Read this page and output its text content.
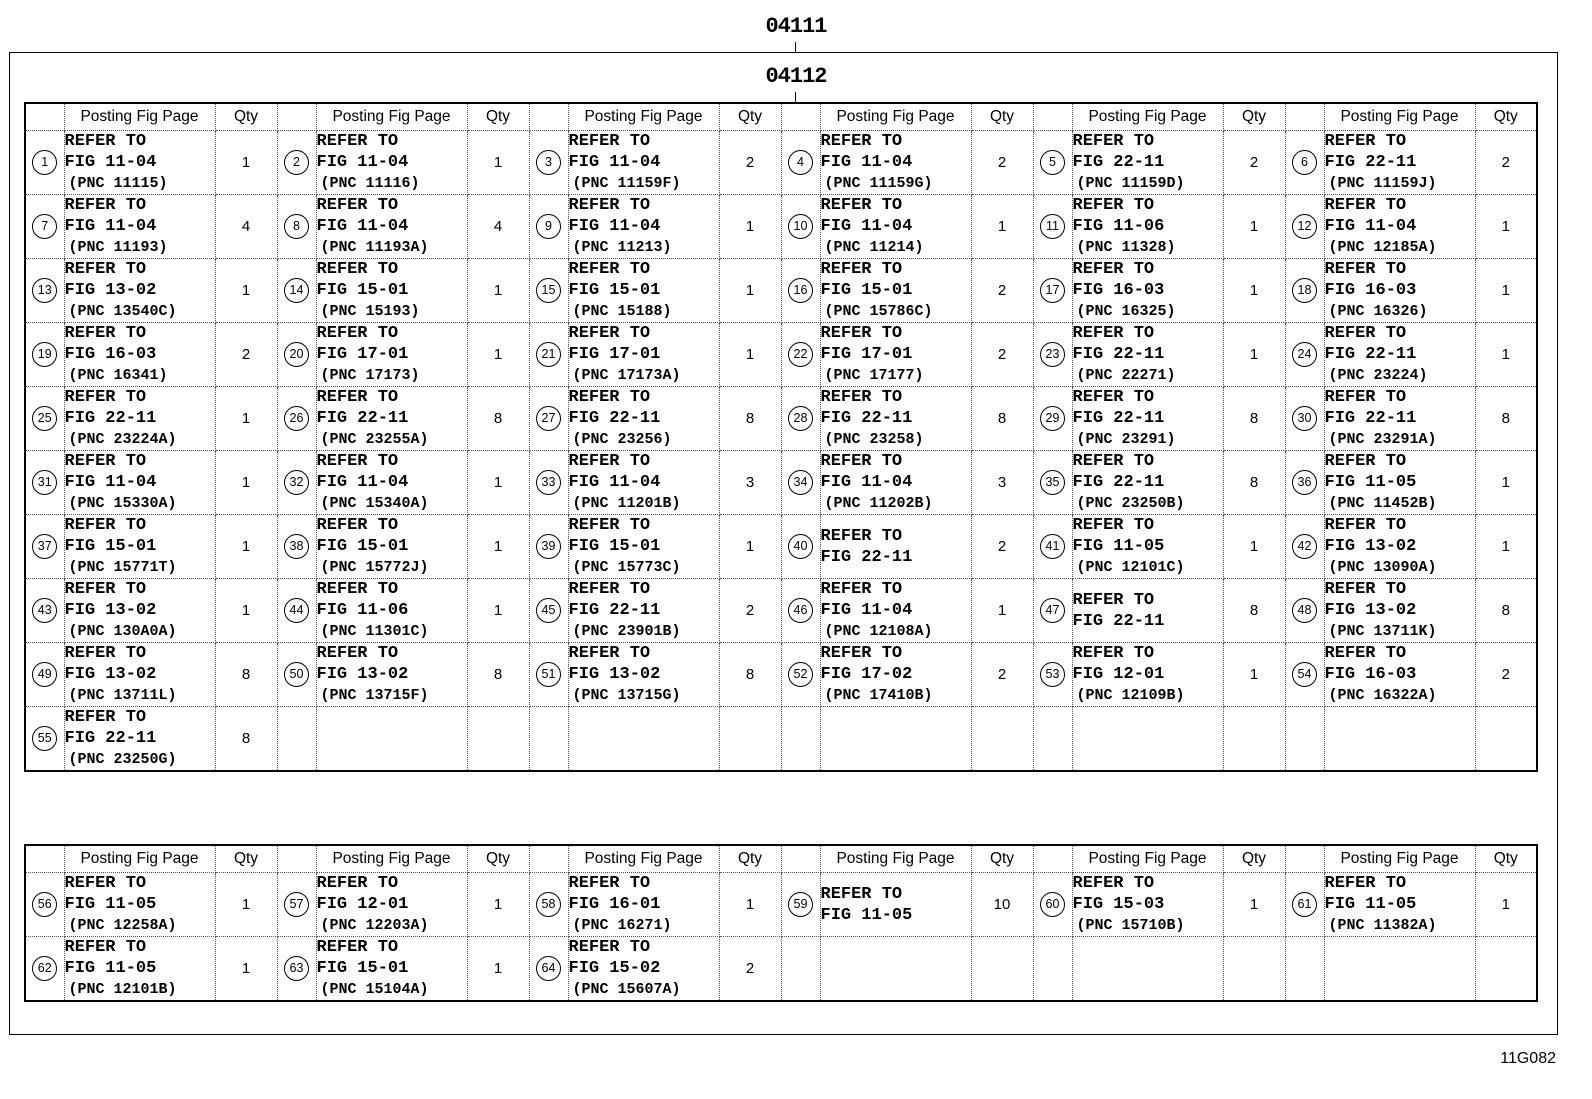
04111
04112
	Posting Fig Page	Qty		Posting Fig Page	Qty		Posting Fig Page	Qty		Posting Fig Page	Qty		Posting Fig Page	Qty		Posting Fig Page	Qty
1	REFER TO
FIG 11-04
(PNC 11115)	1	2	REFER TO
FIG 11-04
(PNC 11116)	1	3	REFER TO
FIG 11-04
(PNC 11159F)	2	4	REFER TO
FIG 11-04
(PNC 11159G)	2	5	REFER TO
FIG 22-11
(PNC 11159D)	2	6	REFER TO
FIG 22-11
(PNC 11159J)	2
7	REFER TO
FIG 11-04
(PNC 11193)	4	8	REFER TO
FIG 11-04
(PNC 11193A)	4	9	REFER TO
FIG 11-04
(PNC 11213)	1	10	REFER TO
FIG 11-04
(PNC 11214)	1	11	REFER TO
FIG 11-06
(PNC 11328)	1	12	REFER TO
FIG 11-04
(PNC 12185A)	1
13	REFER TO
FIG 13-02
(PNC 13540C)	1	14	REFER TO
FIG 15-01
(PNC 15193)	1	15	REFER TO
FIG 15-01
(PNC 15188)	1	16	REFER TO
FIG 15-01
(PNC 15786C)	2	17	REFER TO
FIG 16-03
(PNC 16325)	1	18	REFER TO
FIG 16-03
(PNC 16326)	1
19	REFER TO
FIG 16-03
(PNC 16341)	2	20	REFER TO
FIG 17-01
(PNC 17173)	1	21	REFER TO
FIG 17-01
(PNC 17173A)	1	22	REFER TO
FIG 17-01
(PNC 17177)	2	23	REFER TO
FIG 22-11
(PNC 22271)	1	24	REFER TO
FIG 22-11
(PNC 23224)	1
25	REFER TO
FIG 22-11
(PNC 23224A)	1	26	REFER TO
FIG 22-11
(PNC 23255A)	8	27	REFER TO
FIG 22-11
(PNC 23256)	8	28	REFER TO
FIG 22-11
(PNC 23258)	8	29	REFER TO
FIG 22-11
(PNC 23291)	8	30	REFER TO
FIG 22-11
(PNC 23291A)	8
31	REFER TO
FIG 11-04
(PNC 15330A)	1	32	REFER TO
FIG 11-04
(PNC 15340A)	1	33	REFER TO
FIG 11-04
(PNC 11201B)	3	34	REFER TO
FIG 11-04
(PNC 11202B)	3	35	REFER TO
FIG 22-11
(PNC 23250B)	8	36	REFER TO
FIG 11-05
(PNC 11452B)	1
37	REFER TO
FIG 15-01
(PNC 15771T)	1	38	REFER TO
FIG 15-01
(PNC 15772J)	1	39	REFER TO
FIG 15-01
(PNC 15773C)	1	40	REFER TO
FIG 22-11	2	41	REFER TO
FIG 11-05
(PNC 12101C)	1	42	REFER TO
FIG 13-02
(PNC 13090A)	1
43	REFER TO
FIG 13-02
(PNC 130A0A)	1	44	REFER TO
FIG 11-06
(PNC 11301C)	1	45	REFER TO
FIG 22-11
(PNC 23901B)	2	46	REFER TO
FIG 11-04
(PNC 12108A)	1	47	REFER TO
FIG 22-11	8	48	REFER TO
FIG 13-02
(PNC 13711K)	8
49	REFER TO
FIG 13-02
(PNC 13711L)	8	50	REFER TO
FIG 13-02
(PNC 13715F)	8	51	REFER TO
FIG 13-02
(PNC 13715G)	8	52	REFER TO
FIG 17-02
(PNC 17410B)	2	53	REFER TO
FIG 12-01
(PNC 12109B)	1	54	REFER TO
FIG 16-03
(PNC 16322A)	2
55	REFER TO
FIG 22-11
(PNC 23250G)	8															
	Posting Fig Page	Qty		Posting Fig Page	Qty		Posting Fig Page	Qty		Posting Fig Page	Qty		Posting Fig Page	Qty		Posting Fig Page	Qty
56	REFER TO
FIG 11-05
(PNC 12258A)	1	57	REFER TO
FIG 12-01
(PNC 12203A)	1	58	REFER TO
FIG 16-01
(PNC 16271)	1	59	REFER TO
FIG 11-05	10	60	REFER TO
FIG 15-03
(PNC 15710B)	1	61	REFER TO
FIG 11-05
(PNC 11382A)	1
62	REFER TO
FIG 11-05
(PNC 12101B)	1	63	REFER TO
FIG 15-01
(PNC 15104A)	1	64	REFER TO
FIG 15-02
(PNC 15607A)	2									
11G082
